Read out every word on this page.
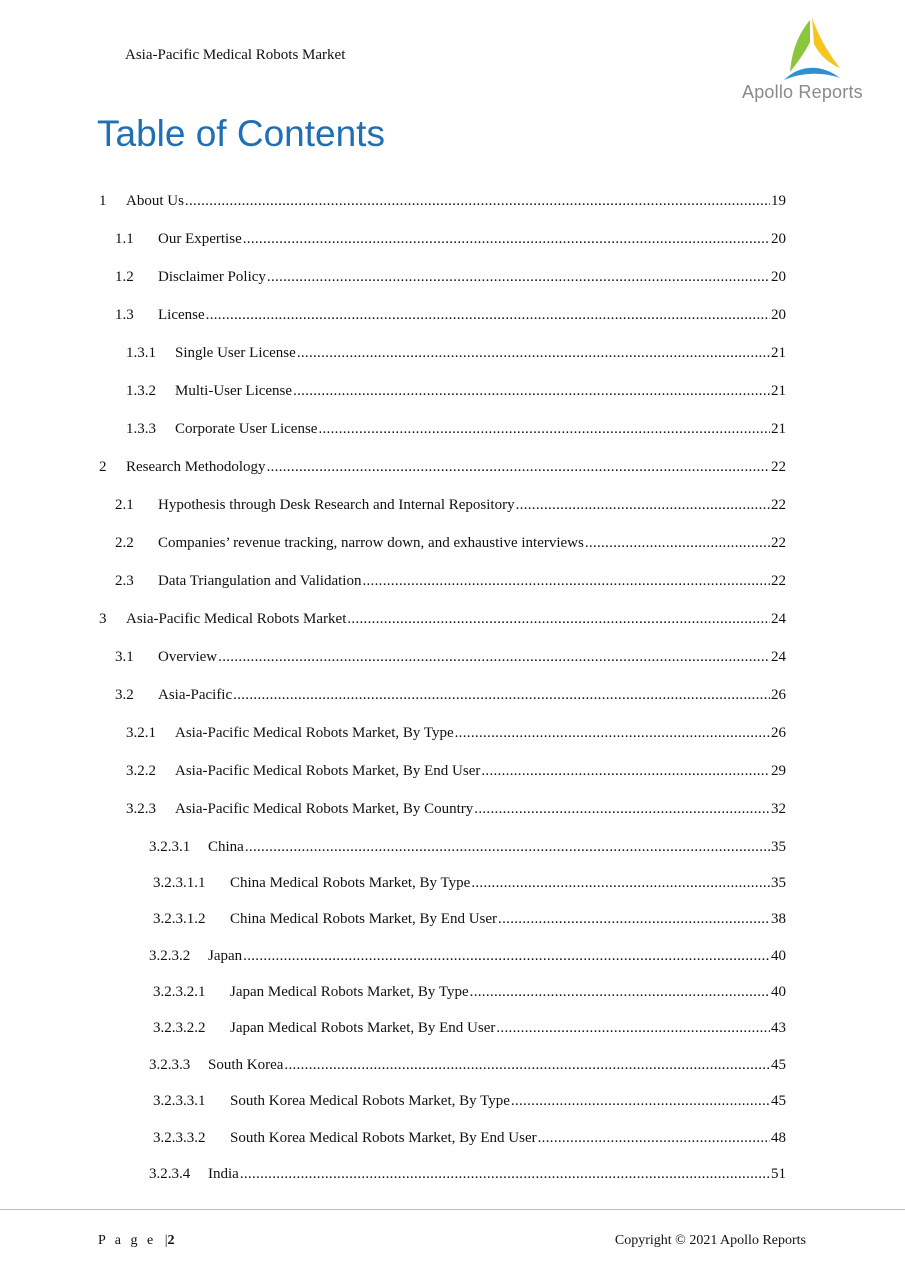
Asia-Pacific Medical Robots Market
Apollo Reports
Table of Contents
1	About Us .....	19
1.1	Our Expertise .....	20
1.2	Disclaimer Policy .....	20
1.3	License .....	20
1.3.1	Single User License .....	21
1.3.2	Multi-User License .....	21
1.3.3	Corporate User License .....	21
2	Research Methodology .....	22
2.1	Hypothesis through Desk Research and Internal Repository .....	22
2.2	Companies’ revenue tracking, narrow down, and exhaustive interviews .....	22
2.3	Data Triangulation and Validation .....	22
3	Asia-Pacific Medical Robots Market .....	24
3.1	Overview .....	24
3.2	Asia-Pacific .....	26
3.2.1	Asia-Pacific Medical Robots Market, By Type .....	26
3.2.2	Asia-Pacific Medical Robots Market, By End User .....	29
3.2.3	Asia-Pacific Medical Robots Market, By Country .....	32
3.2.3.1	China .....	35
3.2.3.1.1	China Medical Robots Market, By Type .....	35
3.2.3.1.2	China Medical Robots Market, By End User .....	38
3.2.3.2	Japan .....	40
3.2.3.2.1	Japan Medical Robots Market, By Type .....	40
3.2.3.2.2	Japan Medical Robots Market, By End User .....	43
3.2.3.3	South Korea .....	45
3.2.3.3.1	South Korea Medical Robots Market, By Type .....	45
3.2.3.3.2	South Korea Medical Robots Market, By End User .....	48
3.2.3.4	India .....	51
P a g e |2	Copyright © 2021 Apollo Reports
